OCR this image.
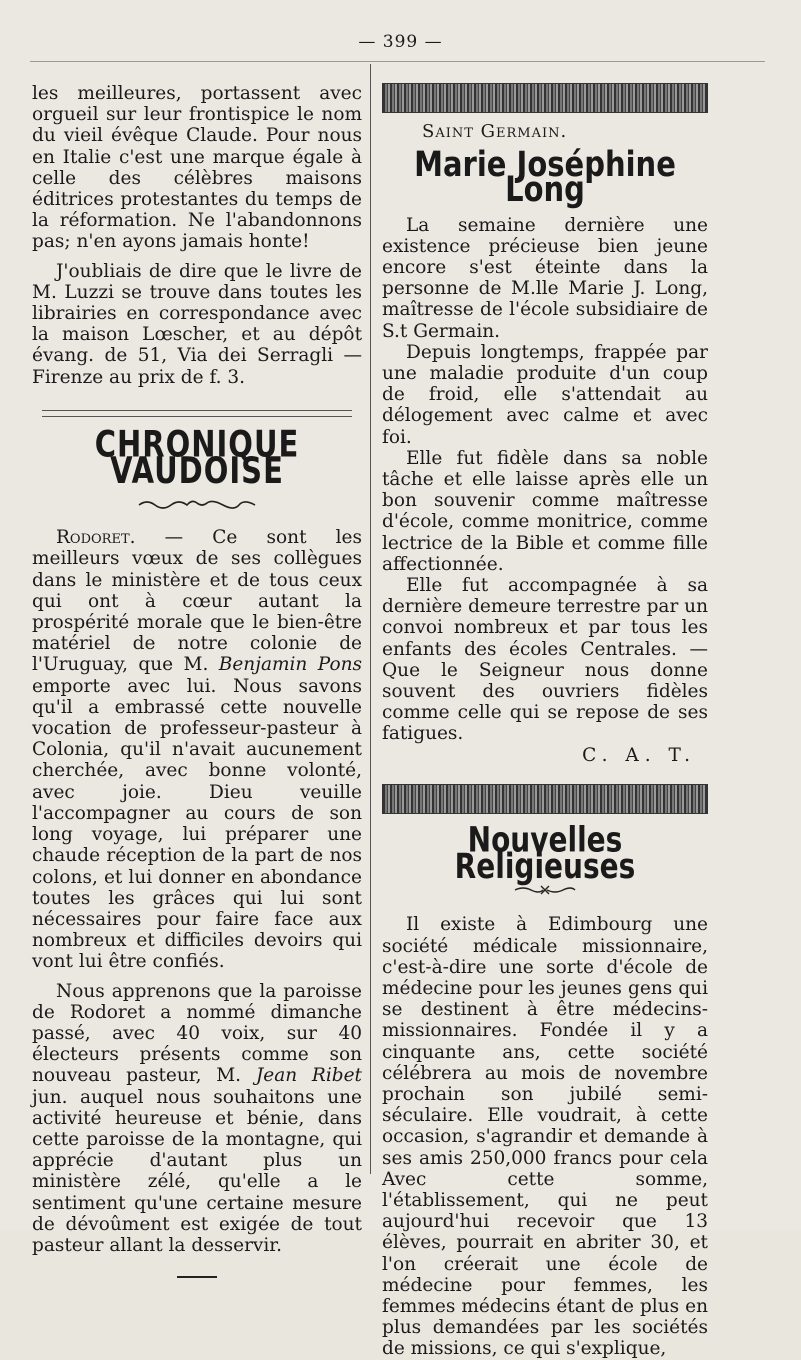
— 399 —

les meilleures, portassent avec orgueil sur leur frontispice le nom du vieil évêque Claude. Pour nous en Italie c'est une marque égale à celle des célèbres maisons éditrices protestantes du temps de la réformation. Ne l'abandonnons pas; n'en ayons jamais honte!

J'oubliais de dire que le livre de M. Luzzi se trouve dans toutes les librairies en correspondance avec la maison Lœscher, et au dépôt évang. de 51, Via dei Serragli — Firenze au prix de f. 3.

CHRONIQUE VAUDOISE

Rodoret. — Ce sont les meilleurs vœux de ses collègues dans le ministère et de tous ceux qui ont à cœur autant la prospérité morale que le bien-être matériel de notre colonie de l'Uruguay, que M. Benjamin Pons emporte avec lui. Nous savons qu'il a embrassé cette nouvelle vocation de professeur-pasteur à Colonia, qu'il n'avait aucunement cherchée, avec bonne volonté, avec joie. Dieu veuille l'accompagner au cours de son long voyage, lui préparer une chaude réception de la part de nos colons, et lui donner en abondance toutes les grâces qui lui sont nécessaires pour faire face aux nombreux et difficiles devoirs qui vont lui être confiés.

Nous apprenons que la paroisse de Rodoret a nommé dimanche passé, avec 40 voix, sur 40 électeurs présents comme son nouveau pasteur, M. Jean Ribet jun. auquel nous souhaitons une activité heureuse et bénie, dans cette paroisse de la montagne, qui apprécie d'autant plus un ministère zélé, qu'elle a le sentiment qu'une certaine mesure de dévoûment est exigée de tout pasteur allant la desservir.

Saint Germain.
Marie Joséphine Long

La semaine dernière une existence précieuse bien jeune encore s'est éteinte dans la personne de M.lle Marie J. Long, maîtresse de l'école subsidiaire de S.t Germain.

Depuis longtemps, frappée par une maladie produite d'un coup de froid, elle s'attendait au délogement avec calme et avec foi.

Elle fut fidèle dans sa noble tâche et elle laisse après elle un bon souvenir comme maîtresse d'école, comme monitrice, comme lectrice de la Bible et comme fille affectionnée.

Elle fut accompagnée à sa dernière demeure terrestre par un convoi nombreux et par tous les enfants des écoles Centrales. — Que le Seigneur nous donne souvent des ouvriers fidèles comme celle qui se repose de ses fatigues.

C. A. T.
Nouvelles Religieuses

Il existe à Edimbourg une société médicale missionnaire, c'est-à-dire une sorte d'école de médecine pour les jeunes gens qui se destinent à être médecins-missionnaires. Fondée il y a cinquante ans, cette société célébrera au mois de novembre prochain son jubilé semi-séculaire. Elle voudrait, à cette occasion, s'agrandir et demande à ses amis 250,000 francs pour cela Avec cette somme, l'établissement, qui ne peut aujourd'hui recevoir que 13 élèves, pourrait en abriter 30, et l'on créerait une école de médecine pour femmes, les femmes médecins étant de plus en plus demandées par les sociétés de missions, ce qui s'explique,
